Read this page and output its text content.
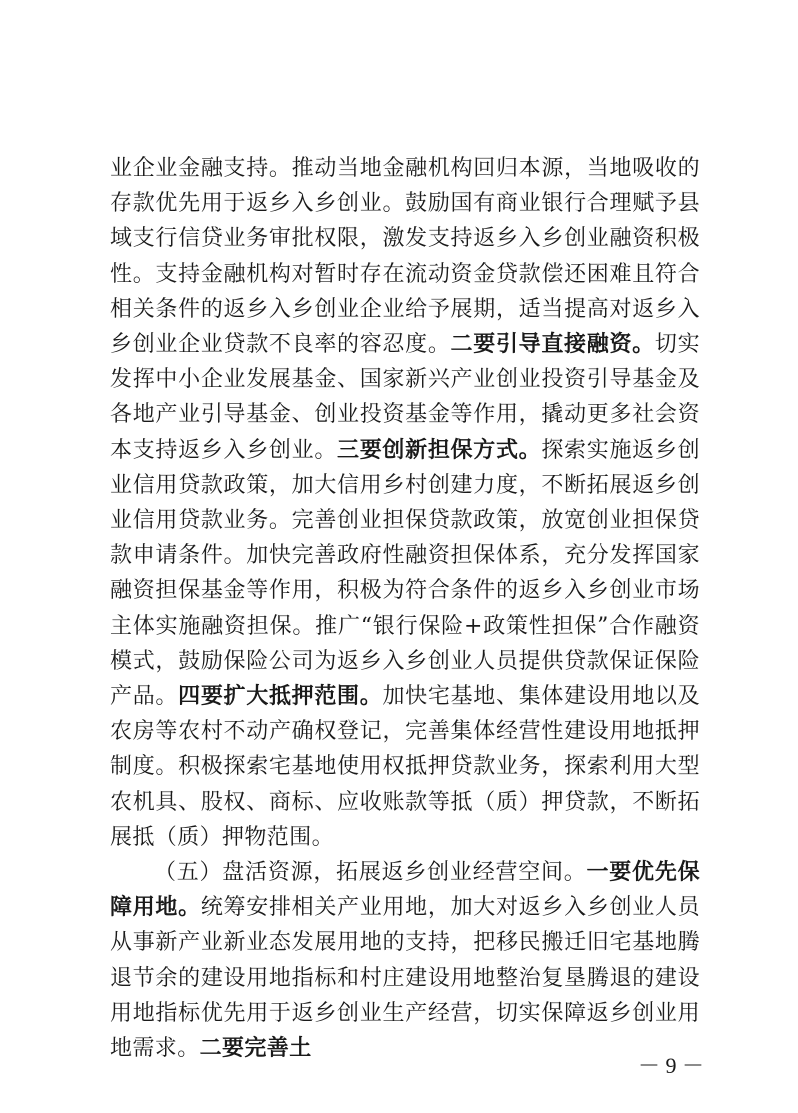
业企业金融支持。推动当地金融机构回归本源，当地吸收的存款优先用于返乡入乡创业。鼓励国有商业银行合理赋予县域支行信贷业务审批权限，激发支持返乡入乡创业融资积极性。支持金融机构对暂时存在流动资金贷款偿还困难且符合相关条件的返乡入乡创业企业给予展期，适当提高对返乡入乡创业企业贷款不良率的容忍度。二要引导直接融资。切实发挥中小企业发展基金、国家新兴产业创业投资引导基金及各地产业引导基金、创业投资基金等作用，撬动更多社会资本支持返乡入乡创业。三要创新担保方式。探索实施返乡创业信用贷款政策，加大信用乡村创建力度，不断拓展返乡创业信用贷款业务。完善创业担保贷款政策，放宽创业担保贷款申请条件。加快完善政府性融资担保体系，充分发挥国家融资担保基金等作用，积极为符合条件的返乡入乡创业市场主体实施融资担保。推广“银行保险+政策性担保”合作融资模式，鼓励保险公司为返乡入乡创业人员提供贷款保证保险产品。四要扩大抵押范围。加快宅基地、集体建设用地以及农房等农村不动产确权登记，完善集体经营性建设用地抵押制度。积极探索宅基地使用权抵押贷款业务，探索利用大型农机具、股权、商标、应收账款等抵（质）押贷款，不断拓展抵（质）押物范围。

（五）盘活资源，拓展返乡创业经营空间。一要优先保障用地。统筹安排相关产业用地，加大对返乡入乡创业人员从事新产业新业态发展用地的支持，把移民搬迁旧宅基地腾退节余的建设用地指标和村庄建设用地整治复垦腾退的建设用地指标优先用于返乡创业生产经营，切实保障返乡创业用地需求。二要完善土

－ 9 －
